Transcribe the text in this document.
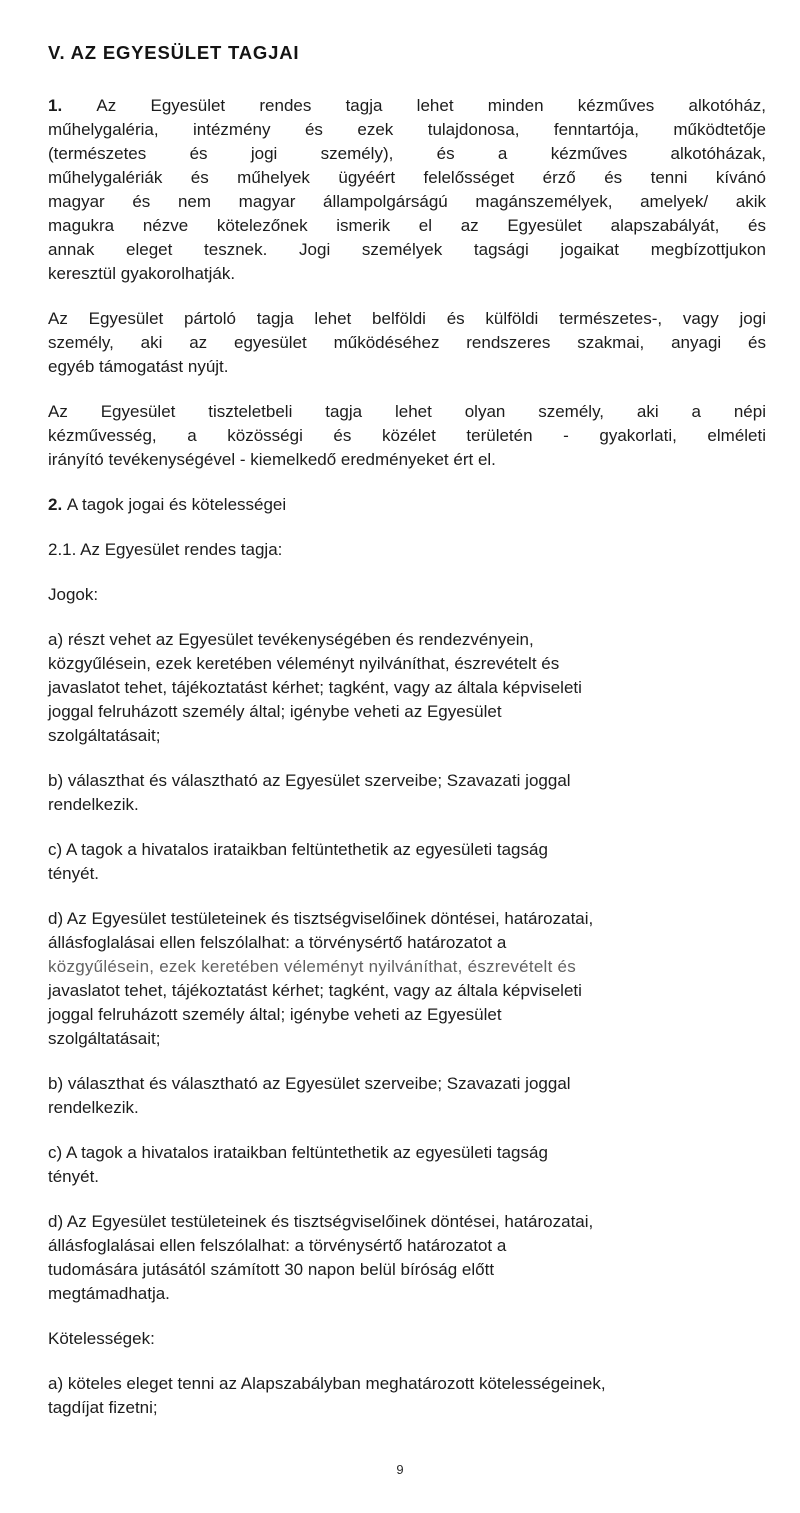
V. AZ EGYESÜLET TAGJAI
1. Az Egyesület rendes tagja lehet minden kézműves alkotóház,
műhelygaléria, intézmény és ezek tulajdonosa, fenntartója, működtetője
(természetes és jogi személy), és a kézműves alkotóházak,
műhelygalériák és műhelyek ügyéért felelősséget érző és tenni kívánó
magyar és nem magyar állampolgárságú magánszemélyek, amelyek/ akik
magukra nézve kötelezőnek ismerik el az Egyesület alapszabályát, és
annak eleget tesznek. Jogi személyek tagsági jogaikat megbízottjukon
keresztül gyakorolhatják.
Az Egyesület pártoló tagja lehet belföldi és külföldi természetes-, vagy jogi
személy, aki az egyesület működéséhez rendszeres szakmai, anyagi és
egyéb támogatást nyújt.
Az Egyesület tiszteletbeli tagja lehet olyan személy, aki a népi
kézművesség, a közösségi és közélet területén - gyakorlati, elméleti
irányító tevékenységével - kiemelkedő eredményeket ért el.
2. A tagok jogai és kötelességei
2.1. Az Egyesület rendes tagja:
Jogok:
a) részt vehet az Egyesület tevékenységében és rendezvényein,
közgyűlésein, ezek keretében véleményt nyilváníthat, észrevételt és
javaslatot tehet, tájékoztatást kérhet; tagként, vagy az általa képviseleti
joggal felruházott személy által; igénybe veheti az Egyesület
szolgáltatásait;
b) választhat és választható az Egyesület szerveibe; Szavazati joggal
rendelkezik.
c) A tagok a hivatalos irataikban feltüntethetik az egyesületi tagság
tényét.
d) Az Egyesület testületeinek és tisztségviselőinek döntései, határozatai,
állásfoglalásai ellen felszólalhat: a törvénysértő határozatot a
közgyűlésein, ezek keretében véleményt nyilváníthat, észrevételt és
javaslatot tehet, tájékoztatást kérhet; tagként, vagy az általa képviseleti
joggal felruházott személy által; igénybe veheti az Egyesület
szolgáltatásait;
b) választhat és választható az Egyesület szerveibe; Szavazati joggal
rendelkezik.
c) A tagok a hivatalos irataikban feltüntethetik az egyesületi tagság
tényét.
d) Az Egyesület testületeinek és tisztségviselőinek döntései, határozatai,
állásfoglalásai ellen felszólalhat: a törvénysértő határozatot a
tudomására jutásától számított 30 napon belül bíróság előtt
megtámadhatja.
Kötelességek:
a) köteles eleget tenni az Alapszabályban meghatározott kötelességeinek,
tagdíjat fizetni;
9
